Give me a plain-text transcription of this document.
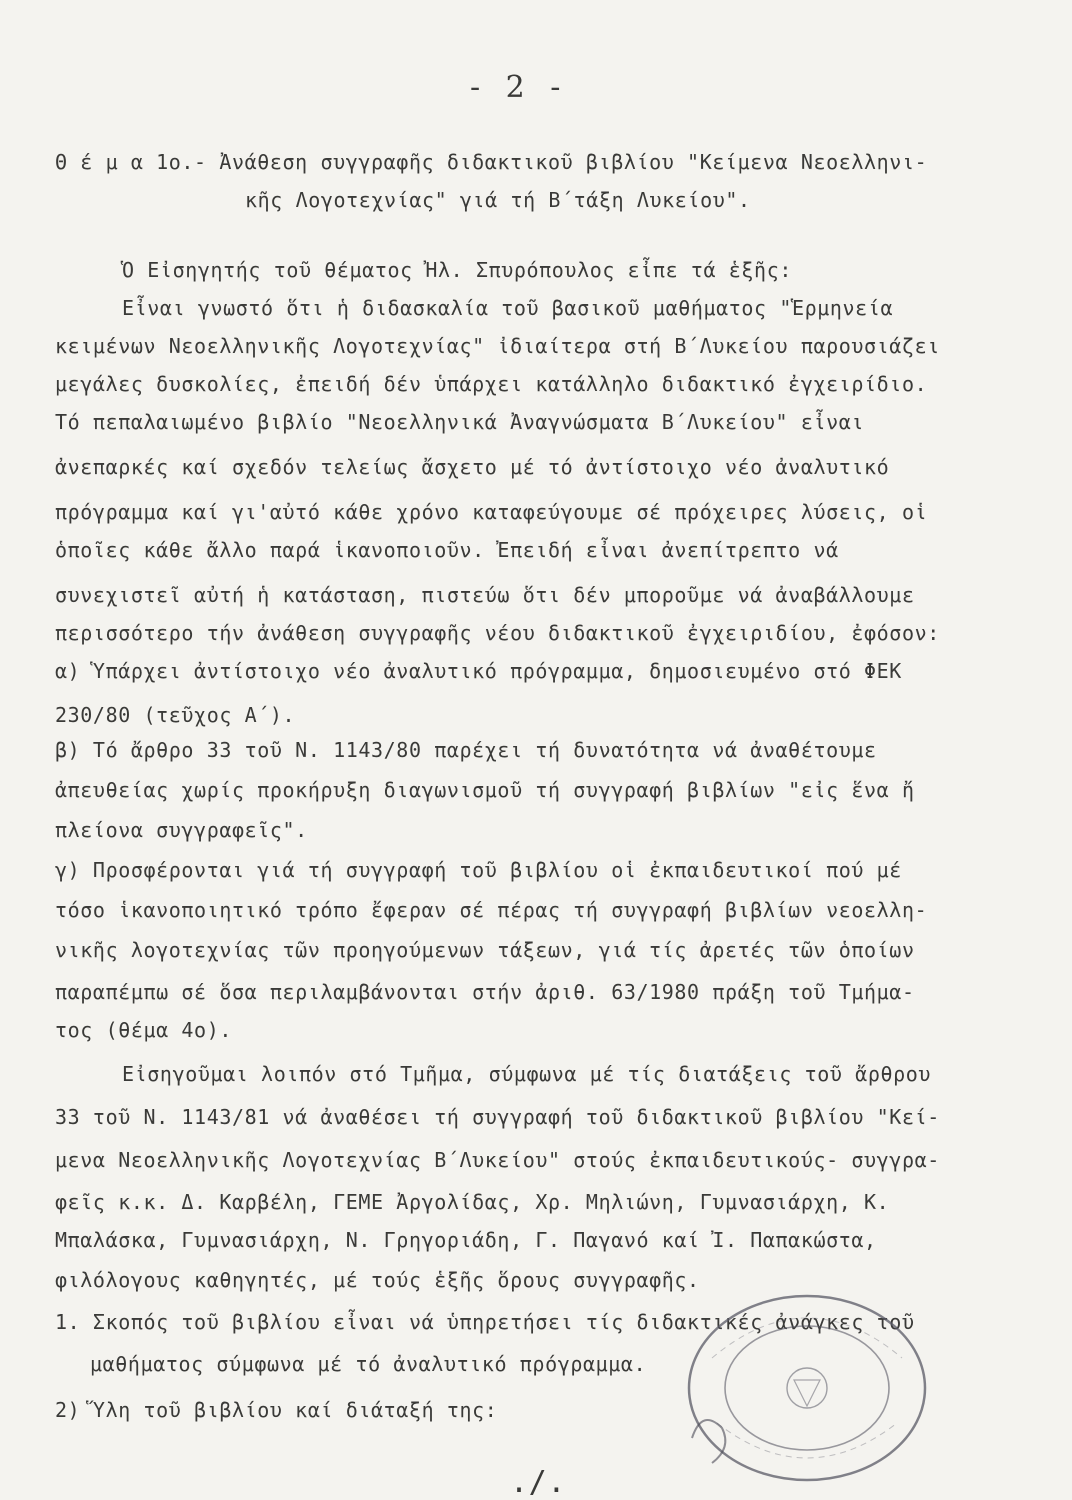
- 2 -
Θ έ μ α 1ο.- Ἀνάθεση συγγραφῆς διδακτικοῦ βιβλίου "Κείμενα Νεοελληνι-
κῆς Λογοτεχνίας" γιά τή Β΄τάξη Λυκείου".
Ὁ Εἰσηγητής τοῦ θέματος Ἠλ. Σπυρόπουλος εἶπε τά ἑξῆς:
Εἶναι γνωστό ὅτι ἡ διδασκαλία τοῦ βασικοῦ μαθήματος "Ἑρμηνεία
κειμένων Νεοελληνικῆς Λογοτεχνίας" ἰδιαίτερα στή Β΄Λυκείου παρουσιάζει
μεγάλες δυσκολίες, ἐπειδή δέν ὑπάρχει κατάλληλο διδακτικό ἐγχειρίδιο.
Τό πεπαλαιωμένο βιβλίο "Νεοελληνικά Ἀναγνώσματα Β΄Λυκείου" εἶναι
ἀνεπαρκές καί σχεδόν τελείως ἄσχετο μέ τό ἀντίστοιχο νέο ἀναλυτικό
πρόγραμμα καί γι'αὐτό κάθε χρόνο καταφεύγουμε σέ πρόχειρες λύσεις, οἱ
ὁποῖες κάθε ἄλλο παρά ἱκανοποιοῦν. Ἐπειδή εἶναι ἀνεπίτρεπτο νά
συνεχιστεῖ αὐτή ἡ κατάσταση, πιστεύω ὅτι δέν μποροῦμε νά ἀναβάλλουμε
περισσότερο τήν ἀνάθεση συγγραφῆς νέου διδακτικοῦ ἐγχειριδίου, ἐφόσον:
α) Ὑπάρχει ἀντίστοιχο νέο ἀναλυτικό πρόγραμμα, δημοσιευμένο στό ΦΕΚ
230/80 (τεῦχος Α΄).
β) Τό ἄρθρο 33 τοῦ Ν. 1143/80 παρέχει τή δυνατότητα νά ἀναθέτουμε
ἀπευθείας χωρίς προκήρυξη διαγωνισμοῦ τή συγγραφή βιβλίων "εἰς ἕνα ἤ
πλείονα συγγραφεῖς".
γ) Προσφέρονται γιά τή συγγραφή τοῦ βιβλίου οἱ ἐκπαιδευτικοί πού μέ
τόσο ἱκανοποιητικό τρόπο ἔφεραν σέ πέρας τή συγγραφή βιβλίων νεοελλη-
νικῆς λογοτεχνίας τῶν προηγούμενων τάξεων, γιά τίς ἀρετές τῶν ὁποίων
παραπέμπω σέ ὅσα περιλαμβάνονται στήν ἀριθ. 63/1980 πράξη τοῦ Τμήμα-
τος (θέμα 4ο).
Εἰσηγοῦμαι λοιπόν στό Τμῆμα, σύμφωνα μέ τίς διατάξεις τοῦ ἄρθρου
33 τοῦ Ν. 1143/81 νά ἀναθέσει τή συγγραφή τοῦ διδακτικοῦ βιβλίου "Κεί-
μενα Νεοελληνικῆς Λογοτεχνίας Β΄Λυκείου" στούς ἐκπαιδευτικούς- συγγρα-
φεῖς κ.κ. Δ. Καρβέλη, ΓΕΜΕ Ἀργολίδας, Χρ. Μηλιώνη, Γυμνασιάρχη, Κ.
Μπαλάσκα, Γυμνασιάρχη, Ν. Γρηγοριάδη, Γ. Παγανό καί Ἰ. Παπακώστα,
φιλόλογους καθηγητές, μέ τούς ἑξῆς ὅρους συγγραφῆς.
1. Σκοπός τοῦ βιβλίου εἶναι νά ὑπηρετήσει τίς διδακτικές ἀνάγκες τοῦ
μαθήματος σύμφωνα μέ τό ἀναλυτικό πρόγραμμα.
2) Ὕλη τοῦ βιβλίου καί διάταξή της:
./.
